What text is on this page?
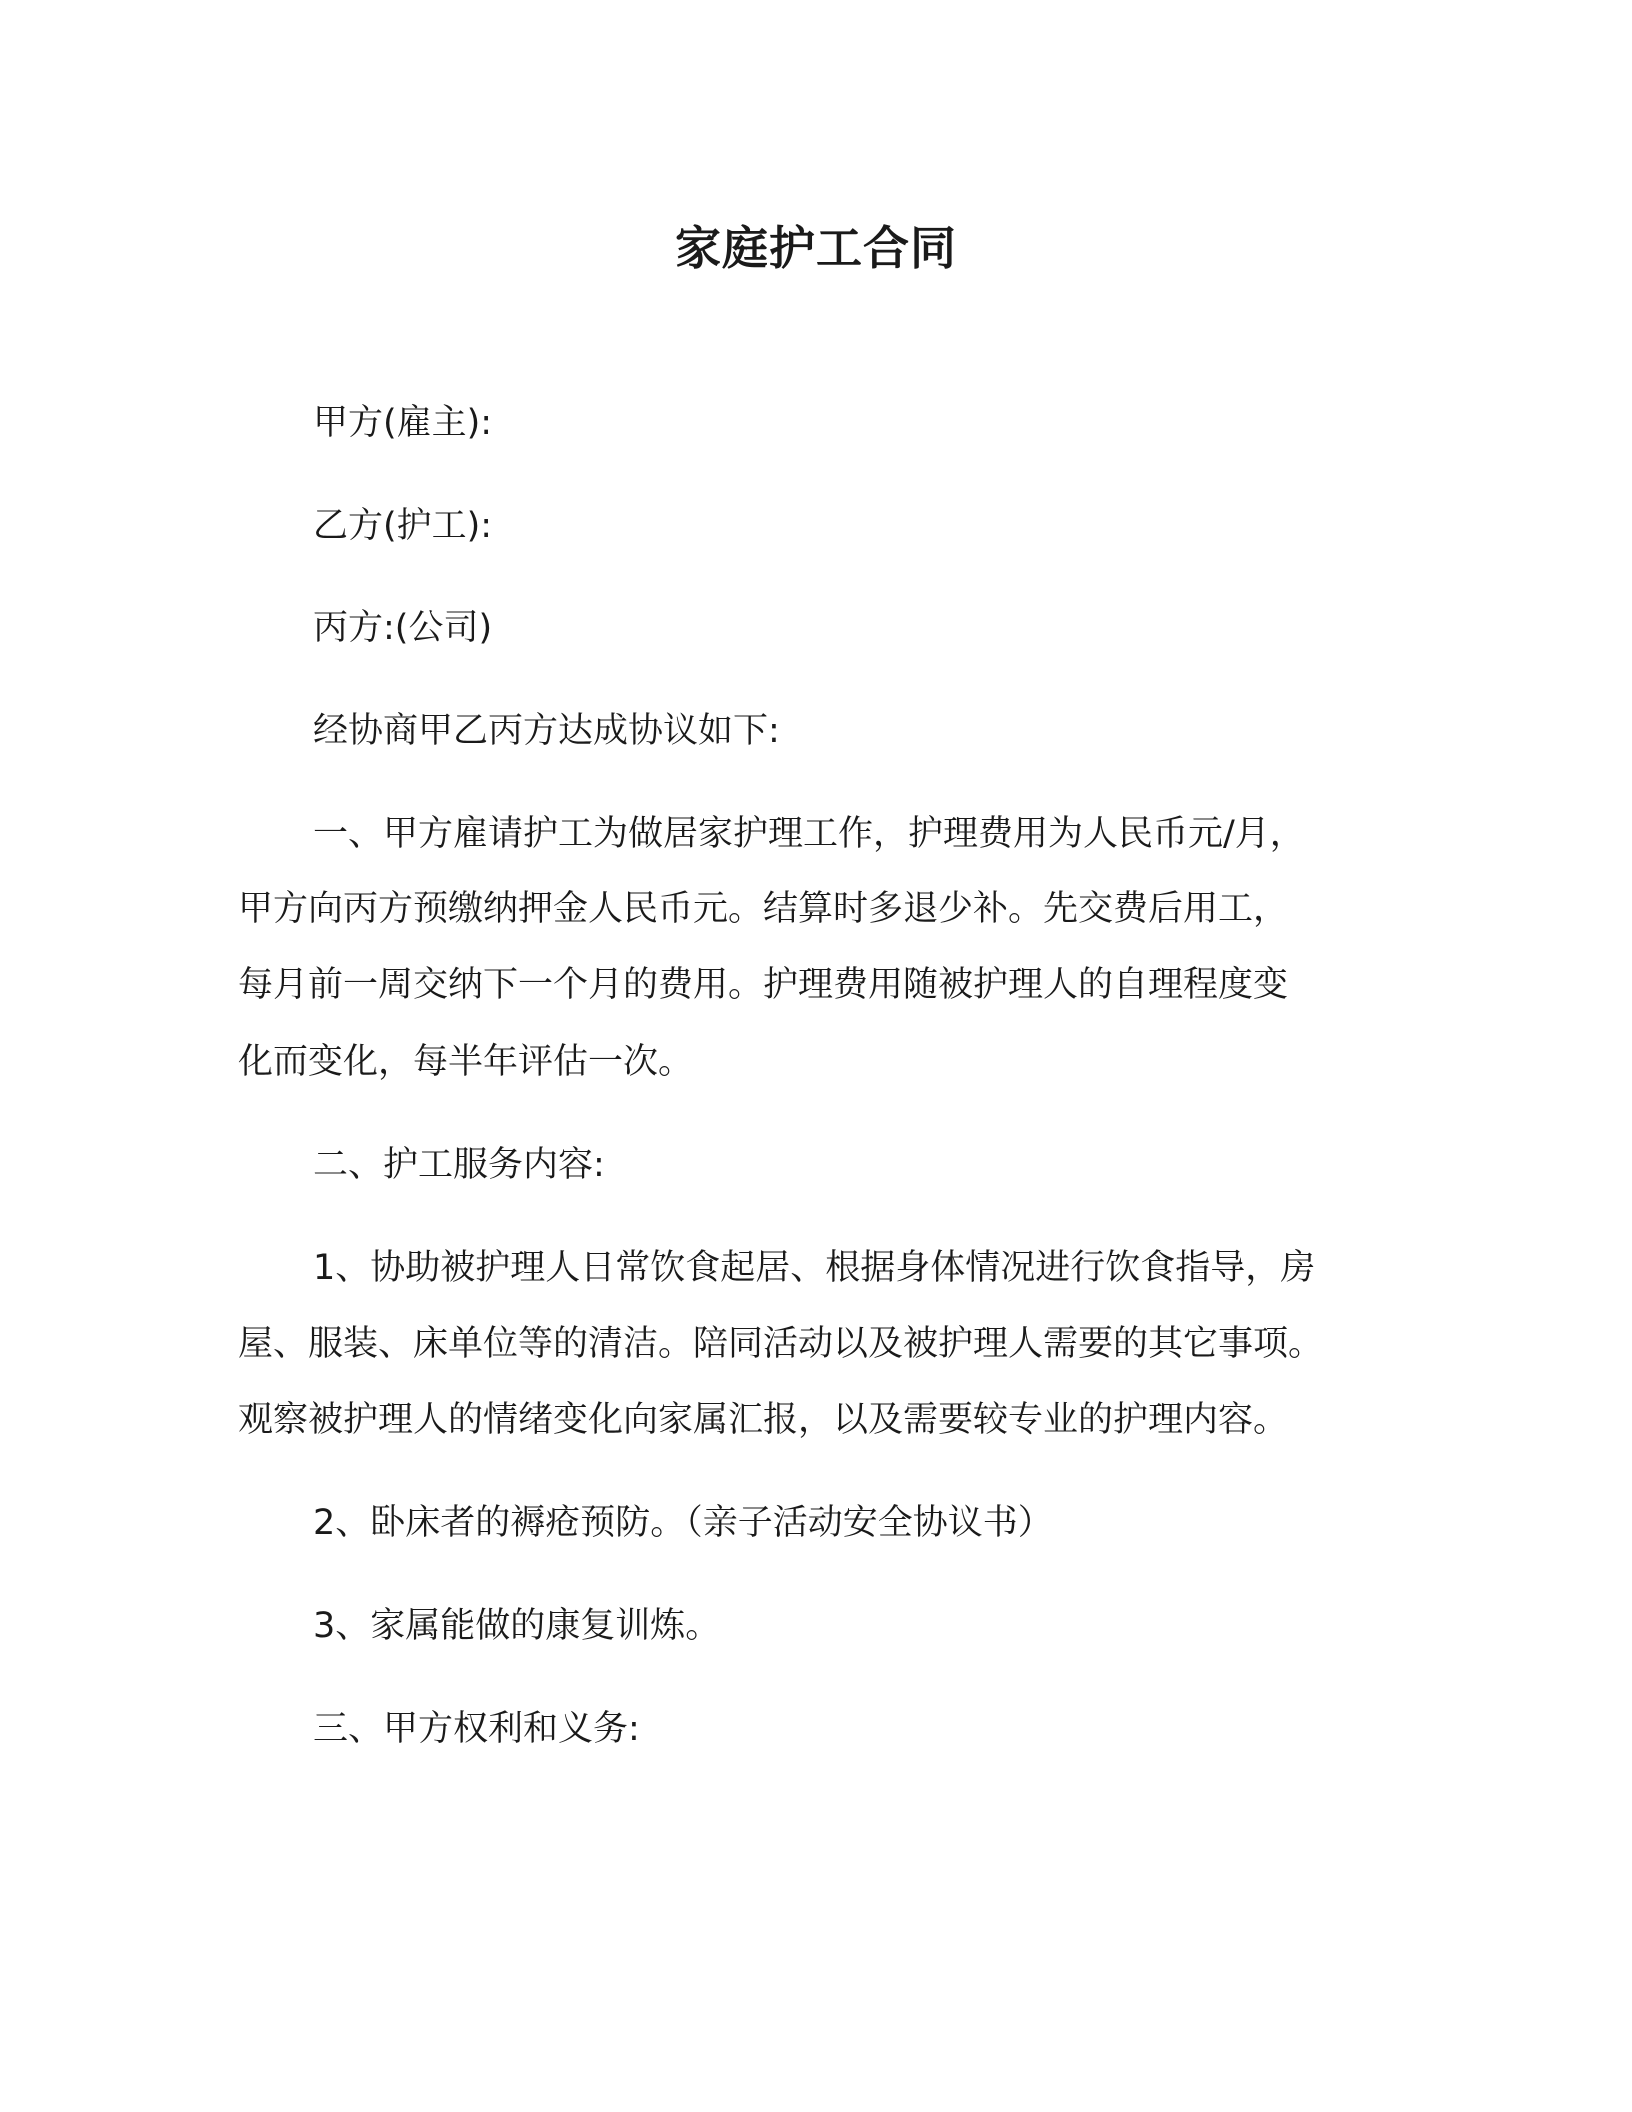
家庭护工合同
甲方(雇主):
乙方(护工):
丙方:(公司)
经协商甲乙丙方达成协议如下:
一、甲方雇请护工为做居家护理工作，护理费用为人民币元/月，
甲方向丙方预缴纳押金人民币元。结算时多退少补。先交费后用工，
每月前一周交纳下一个月的费用。护理费用随被护理人的自理程度变
化而变化，每半年评估一次。
二、护工服务内容:
1、协助被护理人日常饮食起居、根据身体情况进行饮食指导，房
屋、服装、床单位等的清洁。陪同活动以及被护理人需要的其它事项。
观察被护理人的情绪变化向家属汇报，以及需要较专业的护理内容。
2、卧床者的褥疮预防。（亲子活动安全协议书）
3、家属能做的康复训炼。
三、甲方权利和义务:
